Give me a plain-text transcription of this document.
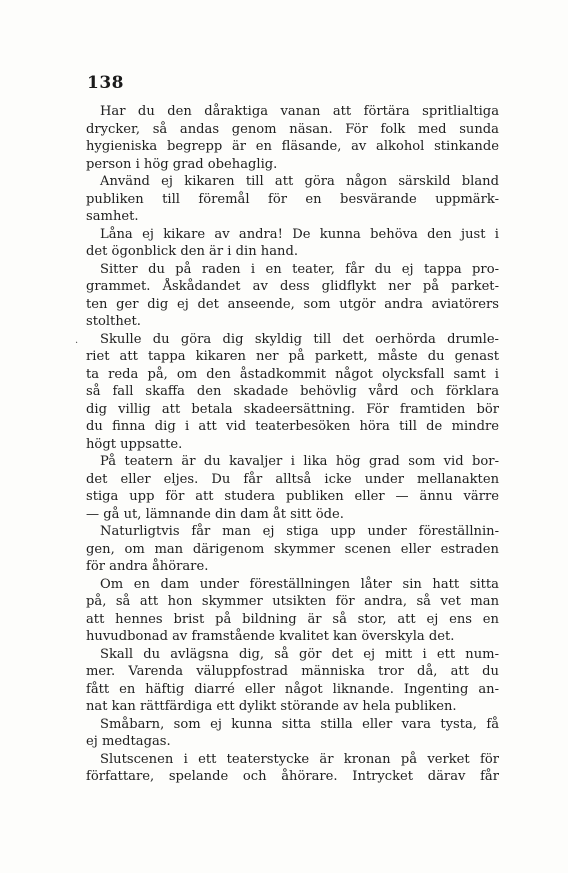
138
·
Har du den dåraktiga vanan att förtära spritlialtiga
drycker, så andas genom näsan. För folk med sunda
hygieniska begrepp är en fläsande, av alkohol stinkande
person i hög grad obehaglig.
Använd ej kikaren till att göra någon särskild bland
publiken till föremål för en besvärande uppmärk-
samhet.
Låna ej kikare av andra! De kunna behöva den just i
det ögonblick den är i din hand.
Sitter du på raden i en teater, får du ej tappa pro-
grammet. Åskådandet av dess glidflykt ner på parket-
ten ger dig ej det anseende, som utgör andra aviatörers
stolthet.
Skulle du göra dig skyldig till det oerhörda drumle-
riet att tappa kikaren ner på parkett, måste du genast
ta reda på, om den åstadkommit något olycksfall samt i
så fall skaffa den skadade behövlig vård och förklara
dig villig att betala skadeersättning. För framtiden bör
du finna dig i att vid teaterbesöken höra till de mindre
högt uppsatte.
På teatern är du kavaljer i lika hög grad som vid bor-
det eller eljes. Du får alltså icke under mellanakten
stiga upp för att studera publiken eller — ännu värre
— gå ut, lämnande din dam åt sitt öde.
Naturligtvis får man ej stiga upp under föreställnin-
gen, om man därigenom skymmer scenen eller estraden
för andra åhörare.
Om en dam under föreställningen låter sin hatt sitta
på, så att hon skymmer utsikten för andra, så vet man
att hennes brist på bildning är så stor, att ej ens en
huvudbonad av framstående kvalitet kan överskyla det.
Skall du avlägsna dig, så gör det ej mitt i ett num-
mer. Varenda väluppfostrad människa tror då, att du
fått en häftig diarré eller något liknande. Ingenting an-
nat kan rättfärdiga ett dylikt störande av hela publiken.
Småbarn, som ej kunna sitta stilla eller vara tysta, få
ej medtagas.
Slutscenen i ett teaterstycke är kronan på verket för
författare, spelande och åhörare. Intrycket därav får
